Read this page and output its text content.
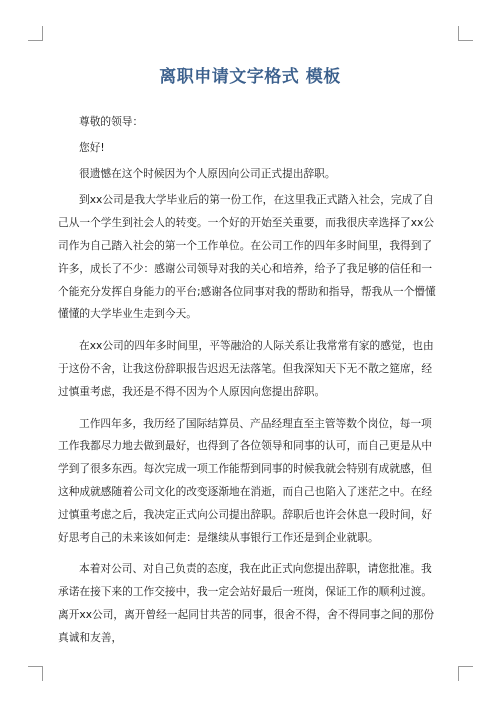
离职申请文字格式 模板

尊敬的领导：

您好!

很遗憾在这个时候因为个人原因向公司正式提出辞职。

到xx公司是我大学毕业后的第一份工作，在这里我正式踏入社会，完成了自己从一个学生到社会人的转变。一个好的开始至关重要，而我很庆幸选择了xx公司作为自己踏入社会的第一个工作单位。在公司工作的四年多时间里，我得到了许多，成长了不少：感谢公司领导对我的关心和培养，给予了我足够的信任和一个能充分发挥自身能力的平台;感谢各位同事对我的帮助和指导，帮我从一个懵懂懂懂的大学毕业生走到今天。

在xx公司的四年多时间里，平等融洽的人际关系让我常常有家的感觉，也由于这份不舍，让我这份辞职报告迟迟无法落笔。但我深知天下无不散之筵席，经过慎重考虑，我还是不得不因为个人原因向您提出辞职。

工作四年多，我历经了国际结算员、产品经理直至主管等数个岗位，每一项工作我都尽力地去做到最好，也得到了各位领导和同事的认可，而自己更是从中学到了很多东西。每次完成一项工作能帮到同事的时候我就会特别有成就感，但这种成就感随着公司文化的改变逐渐地在消逝，而自己也陷入了迷茫之中。在经过慎重考虑之后，我决定正式向公司提出辞职。辞职后也许会休息一段时间，好好思考自己的未来该如何走：是继续从事银行工作还是到企业就职。

本着对公司、对自己负责的态度，我在此正式向您提出辞职，请您批准。我承诺在接下来的工作交接中，我一定会站好最后一班岗，保证工作的顺利过渡。离开xx公司，离开曾经一起同甘共苦的同事，很舍不得，舍不得同事之间的那份真诚和友善，
